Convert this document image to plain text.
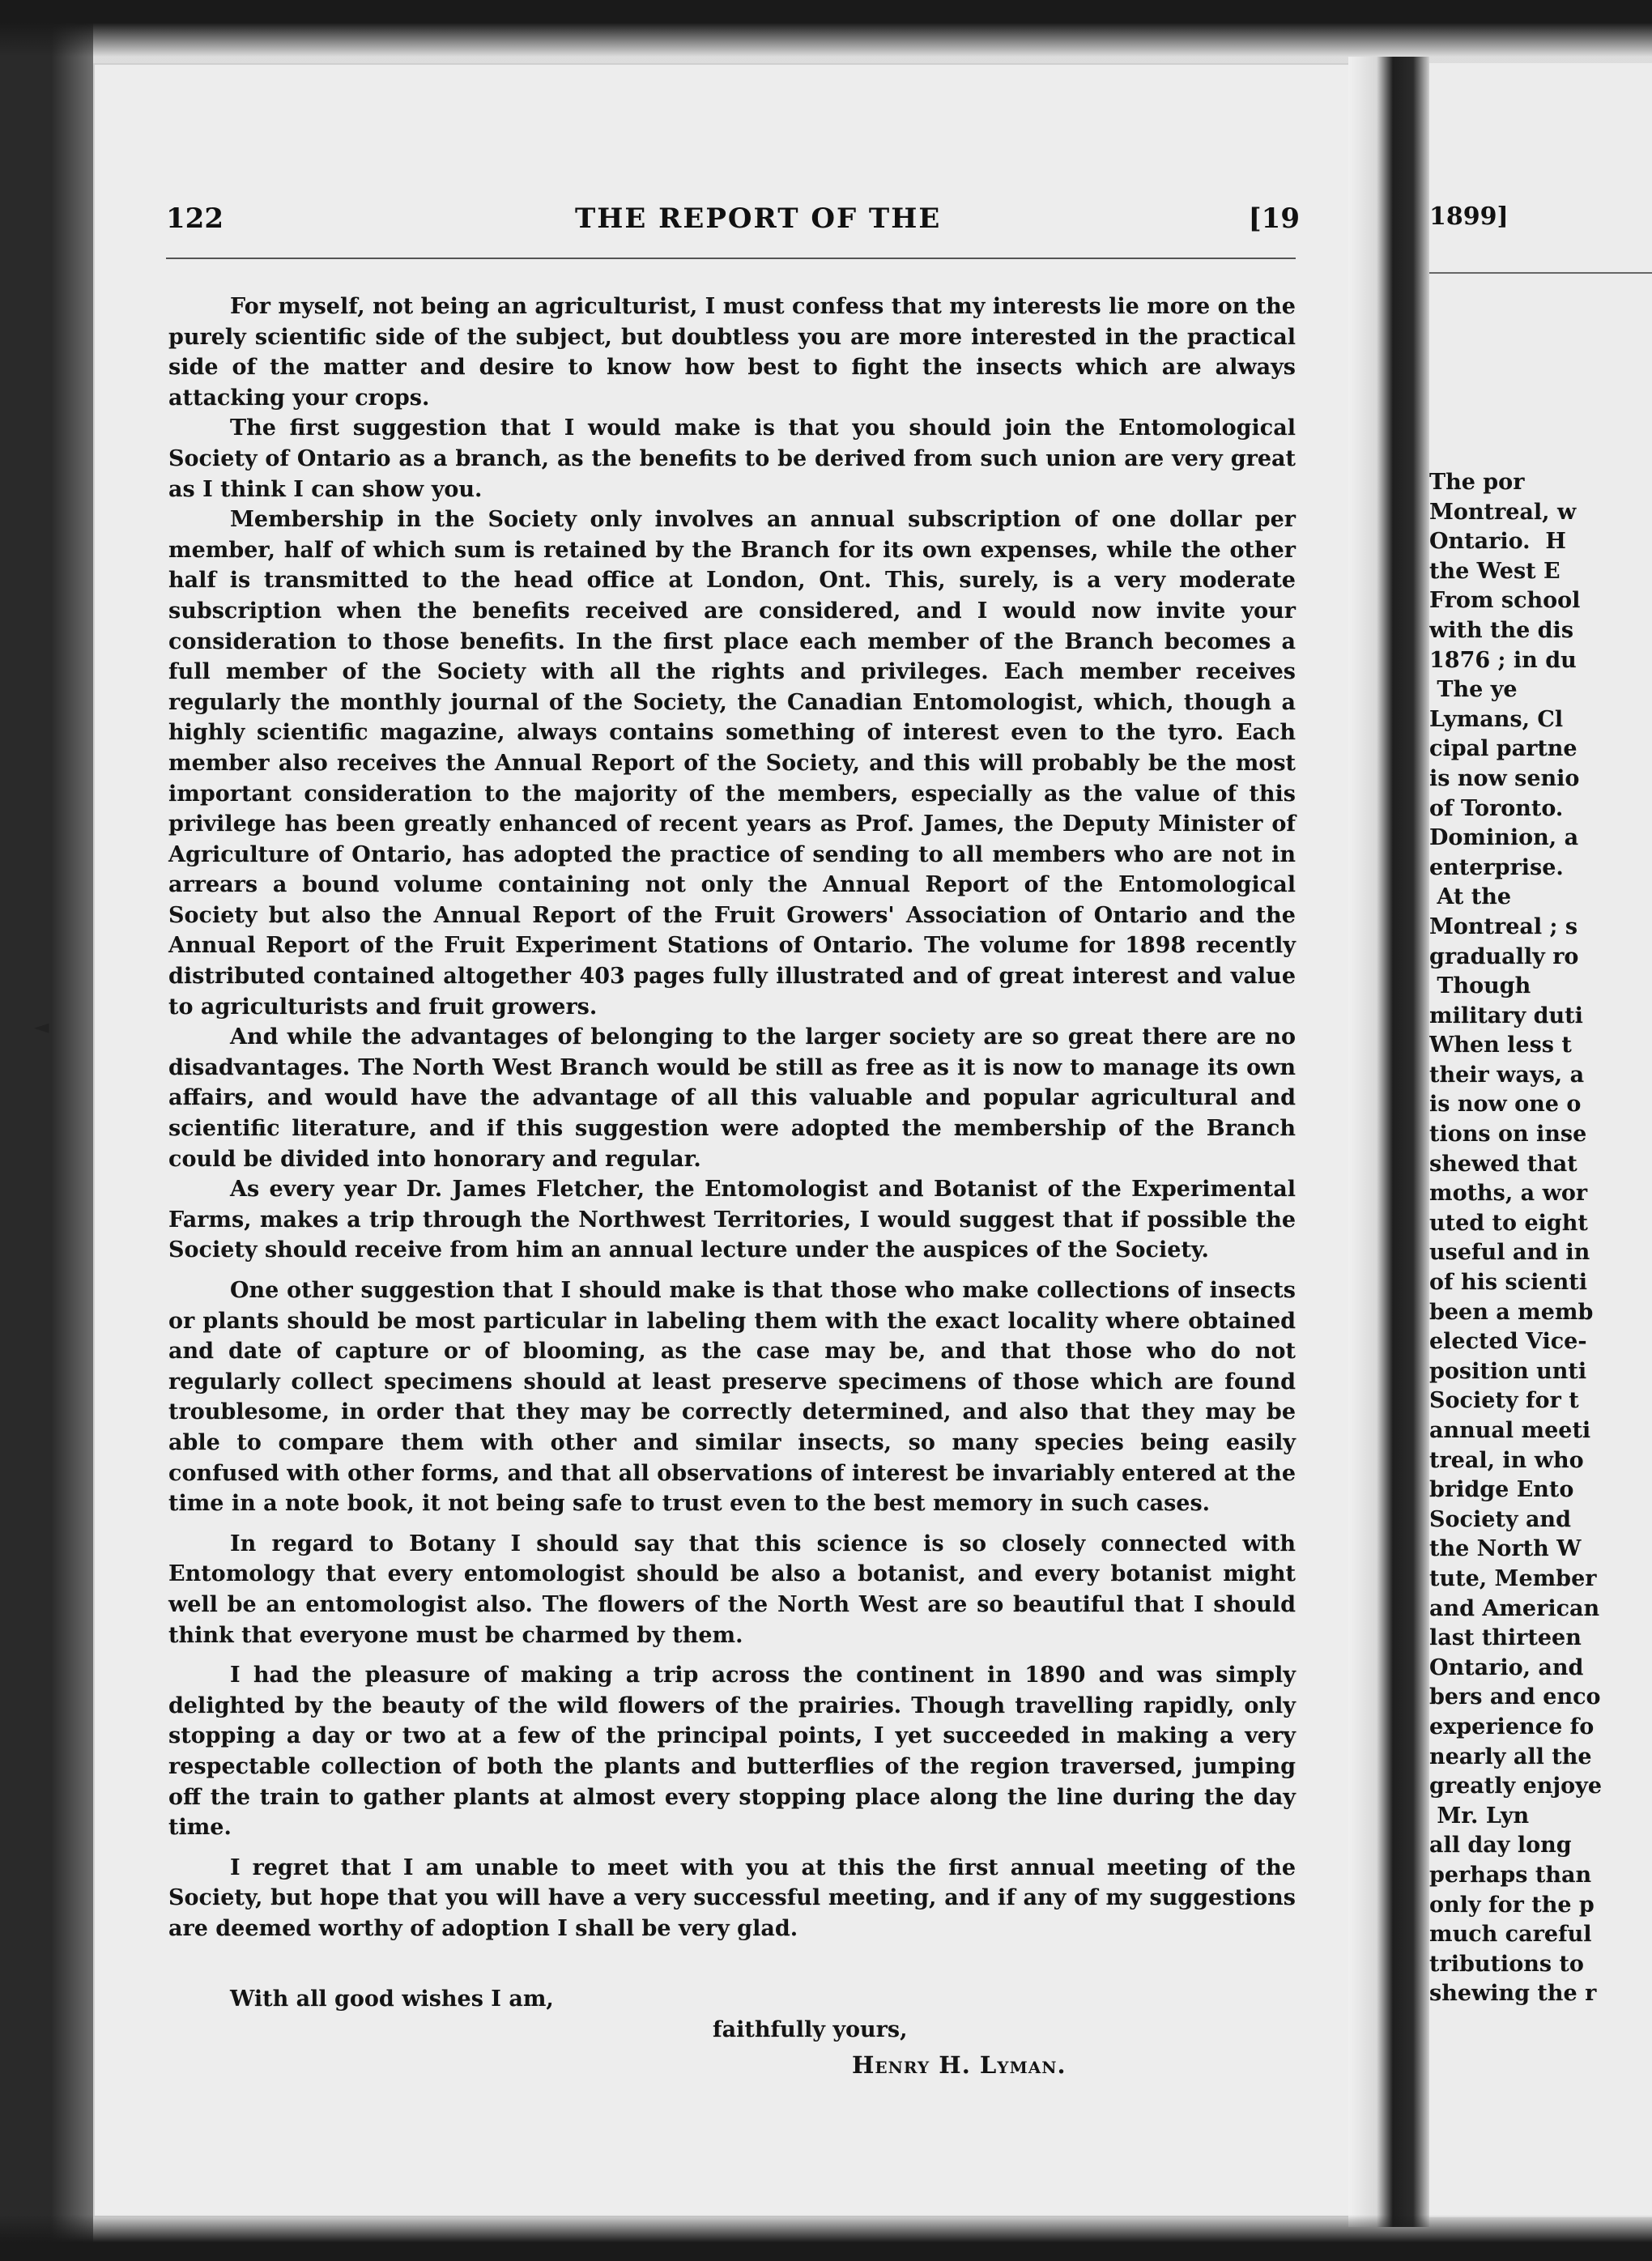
1899]
The por
Montreal, w
Ontario.  H
the West E
From school
with the dis
1876 ; in du
The ye
Lymans, Cl
cipal partne
is now senio
of Toronto.
Dominion, a
enterprise.
At the
Montreal ; s
gradually ro
Though
military duti
When less t
their ways, a
is now one o
tions on inse
shewed that
moths, a wor
uted to eight
useful and in
of his scienti
been a memb
elected Vice-
position unti
Society for t
annual meeti
treal, in who
bridge Ento
Society and
the North W
tute, Member
and American
last thirteen
Ontario, and
bers and enco
experience fo
nearly all the
greatly enjoye
Mr. Lyn
all day long
perhaps than
only for the p
much careful
tributions to
shewing the r
◄
122	THE REPORT OF THE	[19

For myself, not being an agriculturist, I must confess that my interests lie more on the purely scientific side of the subject, but doubtless you are more interested in the practical side of the matter and desire to know how best to fight the insects which are always attacking your crops.

The first suggestion that I would make is that you should join the Entomological Society of Ontario as a branch, as the benefits to be derived from such union are very great as I think I can show you.

Membership in the Society only involves an annual subscription of one dollar per member, half of which sum is retained by the Branch for its own expenses, while the other half is transmitted to the head office at London, Ont. This, surely, is a very moderate subscription when the benefits received are considered, and I would now invite your consideration to those benefits. In the first place each member of the Branch becomes a full member of the Society with all the rights and privileges. Each member receives regularly the monthly journal of the Society, the Canadian Entomologist, which, though a highly scientific magazine, always contains something of interest even to the tyro. Each member also receives the Annual Report of the Society, and this will probably be the most important consideration to the majority of the members, especially as the value of this privilege has been greatly enhanced of recent years as Prof. James, the Deputy Minister of Agriculture of Ontario, has adopted the practice of sending to all members who are not in arrears a bound volume containing not only the Annual Report of the Entomological Society but also the Annual Report of the Fruit Growers' Association of Ontario and the Annual Report of the Fruit Experiment Stations of Ontario. The volume for 1898 recently distributed contained altogether 403 pages fully illustrated and of great interest and value to agriculturists and fruit growers.

And while the advantages of belonging to the larger society are so great there are no disadvantages. The North West Branch would be still as free as it is now to manage its own affairs, and would have the advantage of all this valuable and popular agricultural and scientific literature, and if this suggestion were adopted the membership of the Branch could be divided into honorary and regular.

As every year Dr. James Fletcher, the Entomologist and Botanist of the Experimental Farms, makes a trip through the Northwest Territories, I would suggest that if possible the Society should receive from him an annual lecture under the auspices of the Society.

One other suggestion that I should make is that those who make collections of insects or plants should be most particular in labeling them with the exact locality where obtained and date of capture or of blooming, as the case may be, and that those who do not regularly collect specimens should at least preserve specimens of those which are found troublesome, in order that they may be correctly determined, and also that they may be able to compare them with other and similar insects, so many species being easily confused with other forms, and that all observations of interest be invariably entered at the time in a note book, it not being safe to trust even to the best memory in such cases.

In regard to Botany I should say that this science is so closely connected with Entomology that every entomologist should be also a botanist, and every botanist might well be an entomologist also. The flowers of the North West are so beautiful that I should think that everyone must be charmed by them.

I had the pleasure of making a trip across the continent in 1890 and was simply delighted by the beauty of the wild flowers of the prairies. Though travelling rapidly, only stopping a day or two at a few of the principal points, I yet succeeded in making a very respectable collection of both the plants and butterflies of the region traversed, jumping off the train to gather plants at almost every stopping place along the line during the day time.

I regret that I am unable to meet with you at this the first annual meeting of the Society, but hope that you will have a very successful meeting, and if any of my suggestions are deemed worthy of adoption I shall be very glad.

With all good wishes I am,
faithfully yours,
Henry H. Lyman.
